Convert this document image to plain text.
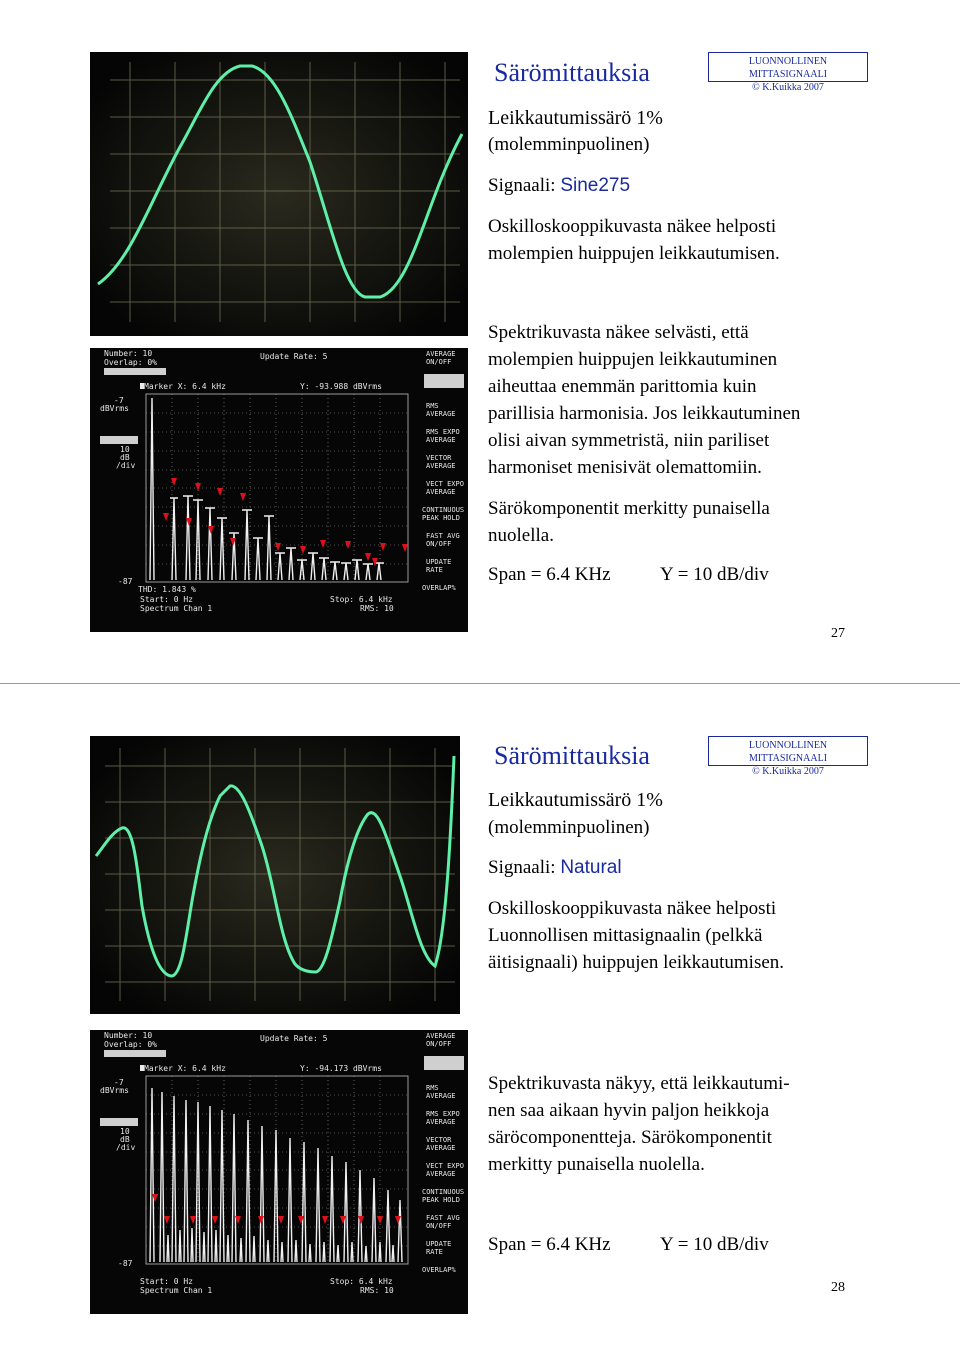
Number: 10
Overlap: 0%
Update Rate: 5
Marker X: 6.4 kHz	Y: -93.988 dBVrms
-7
dBVrms
10
dB
/div
-87
THD: 1.843 %
Start: 0 Hz	Stop: 6.4 kHz
Spectrum Chan 1	RMS: 10
AVERAGE
ON/OFF
RMS
AVERAGE
RMS EXPO
AVERAGE
VECTOR
AVERAGE
VECT EXPO
AVERAGE
CONTINUOUS
PEAK HOLD
FAST AVG
ON/OFF
UPDATE
RATE
OVERLAP%
Särömittauksia	LUONNOLLINEN MITTASIGNAALI
© K.Kuikka 2007
Leikkautumissärö 1%
(molemminpuolinen)
Signaali: Sine275
Oskilloskooppikuvasta näkee helposti
molempien huippujen leikkautumisen.
Spektrikuvasta näkee selvästi, että
molempien huippujen leikkautuminen
aiheuttaa enemmän parittomia kuin
parillisia harmonisia. Jos leikkautuminen
olisi aivan symmetristä, niin pariliset
harmoniset menisivät olemattomiin.
Särökomponentit merkitty punaisella
nuolella.
Span = 6.4 KHz	Y = 10 dB/div
27
Number: 10
Overlap: 0%
Update Rate: 5
Marker X: 6.4 kHz	Y: -94.173 dBVrms
-7
dBVrms
10
dB
/div
-87
Start: 0 Hz	Stop: 6.4 kHz
Spectrum Chan 1	RMS: 10
AVERAGE
ON/OFF
RMS
AVERAGE
RMS EXPO
AVERAGE
VECTOR
AVERAGE
VECT EXPO
AVERAGE
CONTINUOUS
PEAK HOLD
FAST AVG
ON/OFF
UPDATE
RATE
OVERLAP%
Särömittauksia	LUONNOLLINEN MITTASIGNAALI
© K.Kuikka 2007
Leikkautumissärö 1%
(molemminpuolinen)
Signaali: Natural
Oskilloskooppikuvasta näkee helposti
Luonnollisen mittasignaalin (pelkkä
äitisignaali) huippujen leikkautumisen.
Spektrikuvasta näkyy, että leikkautumi-
nen saa aikaan hyvin paljon heikkoja
säröcomponentteja. Särökomponentit
merkitty punaisella nuolella.
Span = 6.4 KHz	Y = 10 dB/div
28
